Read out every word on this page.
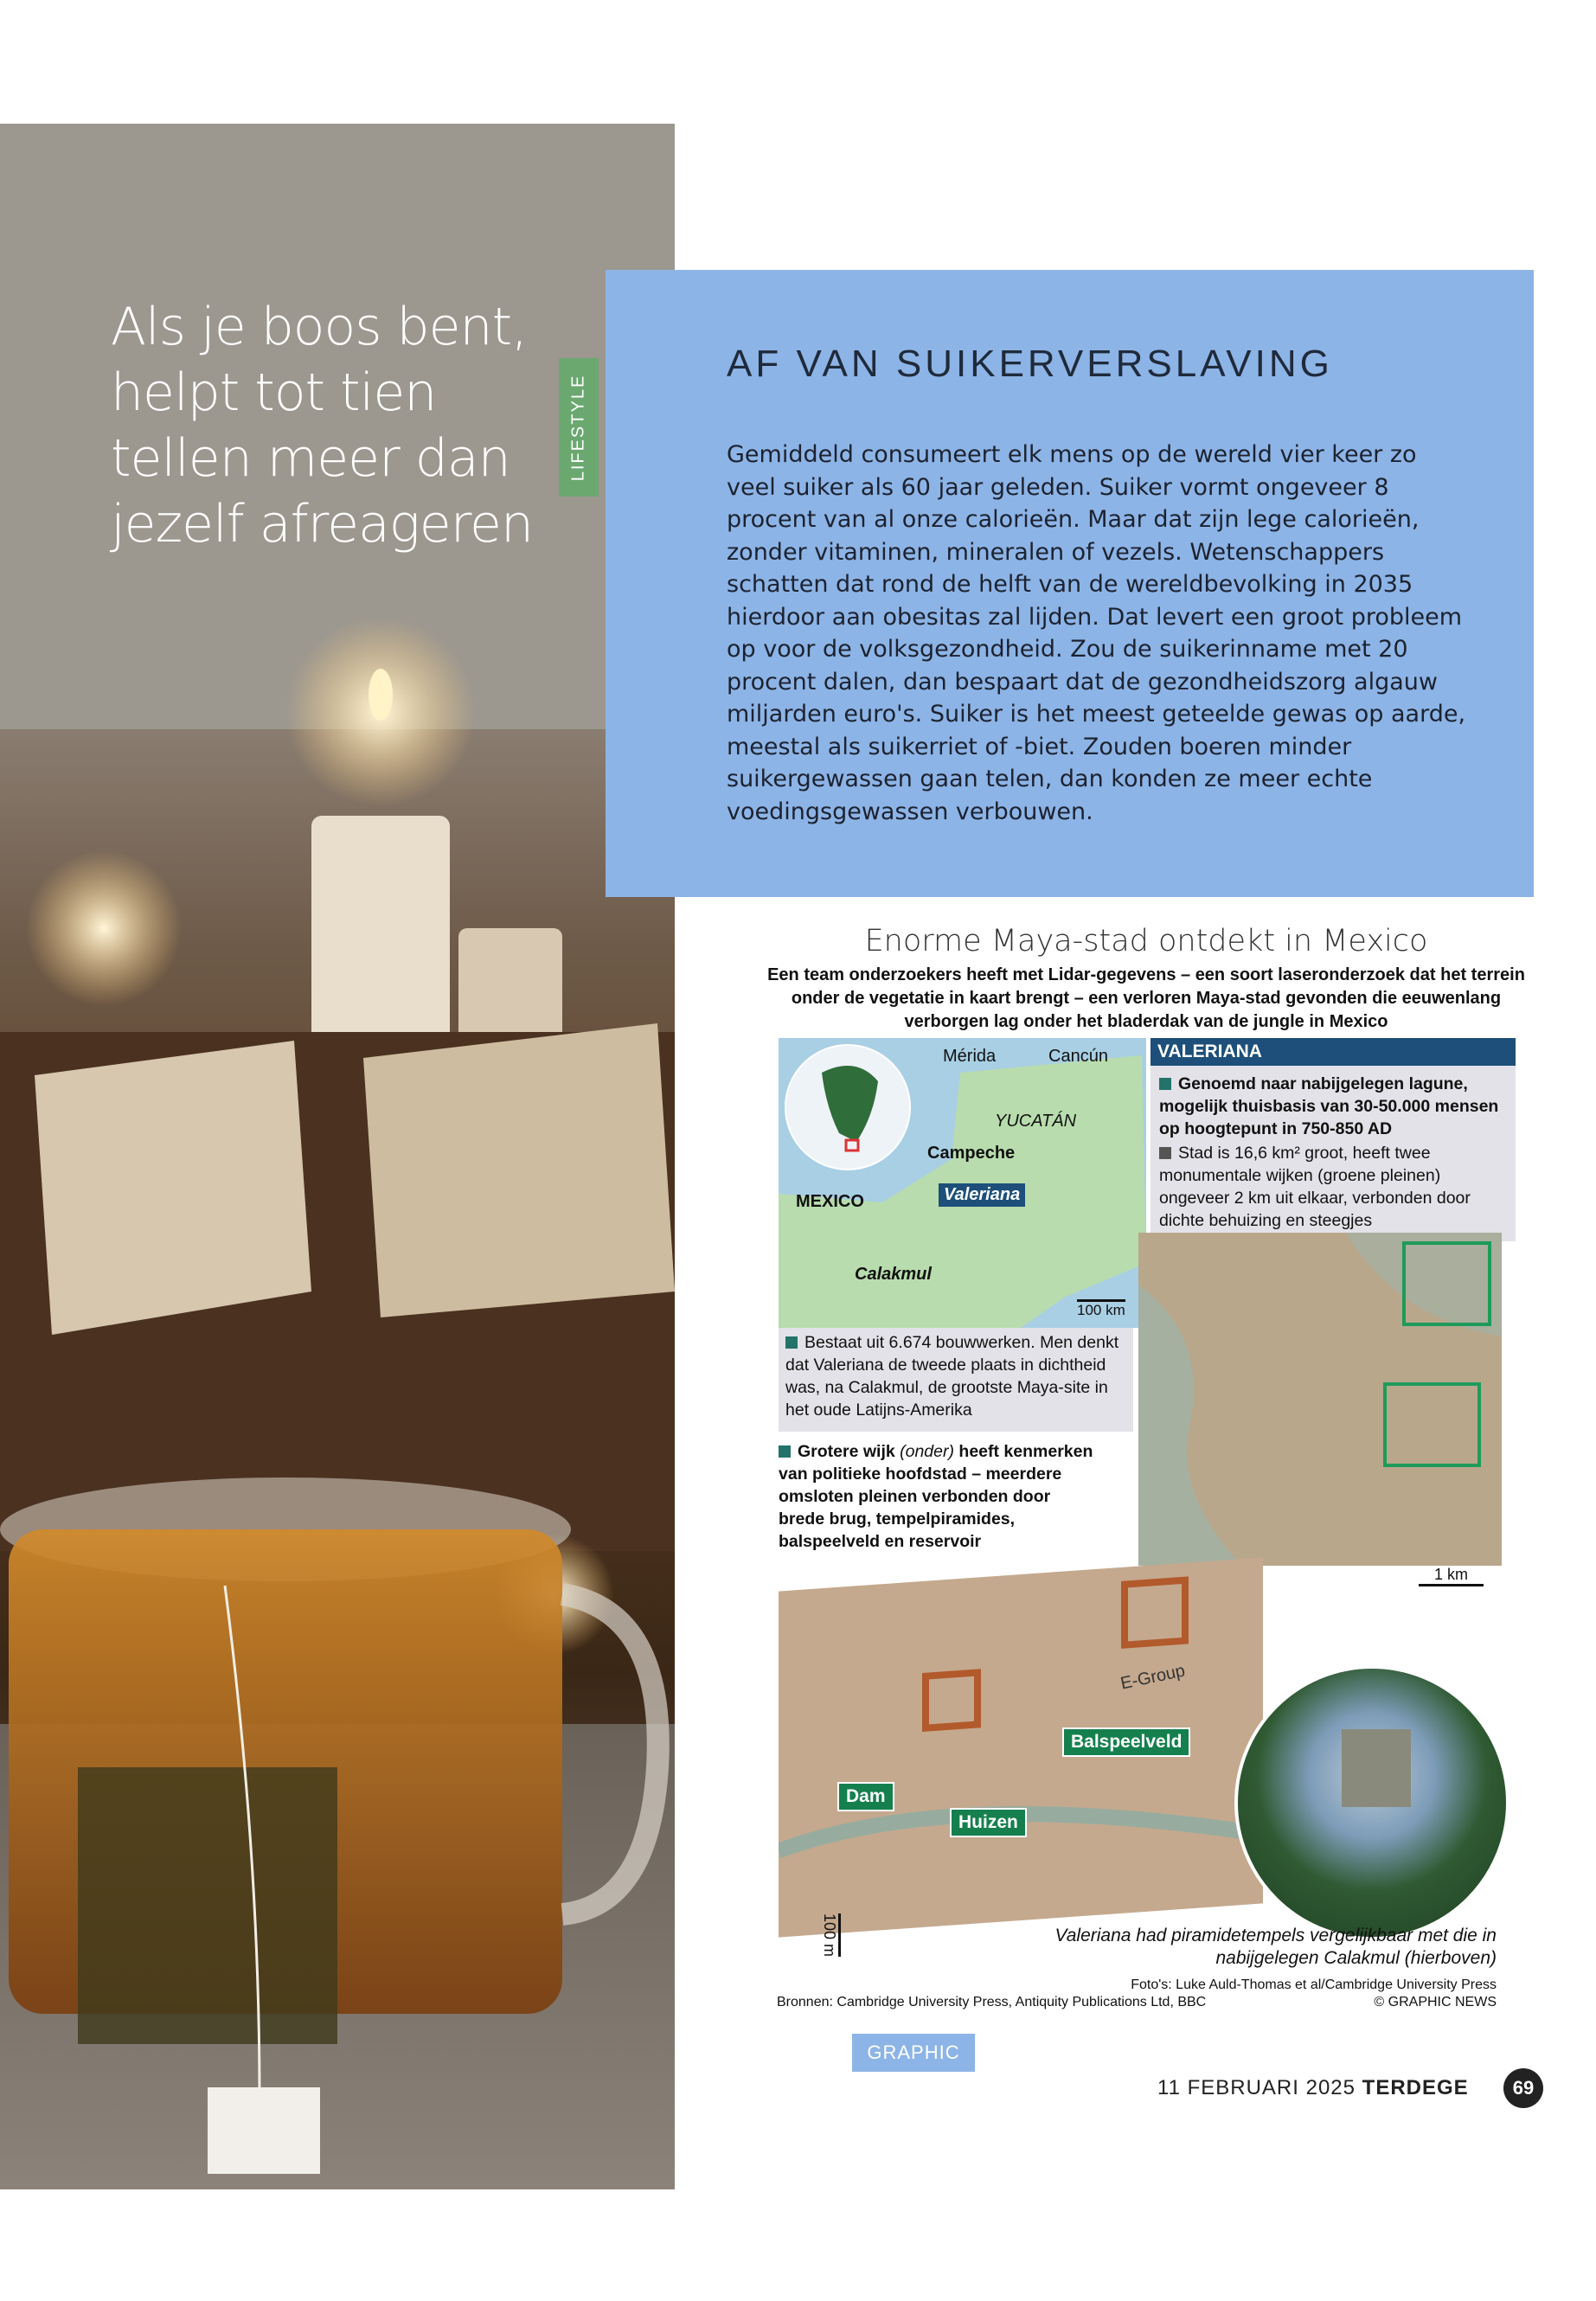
Als je boos bent, helpt tot tien tellen meer dan jezelf afreageren
LIFESTYLE
AF VAN SUIKERVERSLAVING

Gemiddeld consumeert elk mens op de wereld vier keer zo veel suiker als 60 jaar geleden. Suiker vormt ongeveer 8 procent van al onze calorieën. Maar dat zijn lege calorieën, zonder vitaminen, mineralen of vezels. Wetenschappers schatten dat rond de helft van de wereldbevolking in 2035 hierdoor aan obesitas zal lijden. Dat levert een groot probleem op voor de volksgezondheid. Zou de suikerinname met 20 procent dalen, dan bespaart dat de gezondheidszorg algauw miljarden euro's. Suiker is het meest geteelde gewas op aarde, meestal als suikerriet of -biet. Zouden boeren minder suikergewassen gaan telen, dan konden ze meer echte voedingsgewassen verbouwen.

Enorme Maya-stad ontdekt in Mexico
Een team onderzoekers heeft met Lidar-gegevens – een soort laseronderzoek dat het terrein onder de vegetatie in kaart brengt – een verloren Maya-stad gevonden die eeuwenlang verborgen lag onder het bladerdak van de jungle in Mexico
Mérida	Cancún
YUCATÁN
Campeche
MEXICO	Valeriana
Calakmul
100 km
VALERIANA
Genoemd naar nabijgelegen lagune, mogelijk thuisbasis van 30-50.000 mensen op hoogtepunt in 750-850 AD
Stad is 16,6 km² groot, heeft twee monumentale wijken (groene pleinen) ongeveer 2 km uit elkaar, verbonden door dichte behuizing en steegjes
Bestaat uit 6.674 bouwwerken. Men denkt dat Valeriana de tweede plaats in dichtheid was, na Calakmul, de grootste Maya-site in het oude Latijns-Amerika
Grotere wijk (onder) heeft kenmerken van politieke hoofdstad – meerdere omsloten pleinen verbonden door brede brug, tempelpiramides, balspeelveld en reservoir
1 km
E-Group
Balspeelveld
Dam
Huizen
100 m	Valeriana had piramidetempels vergelijkbaar met die in nabijgelegen Calakmul (hierboven)
Foto's: Luke Auld-Thomas et al/Cambridge University Press
Bronnen: Cambridge University Press, Antiquity Publications Ltd, BBC	© GRAPHIC NEWS
GRAPHIC
11 FEBRUARI 2025 TERDEGE	69
